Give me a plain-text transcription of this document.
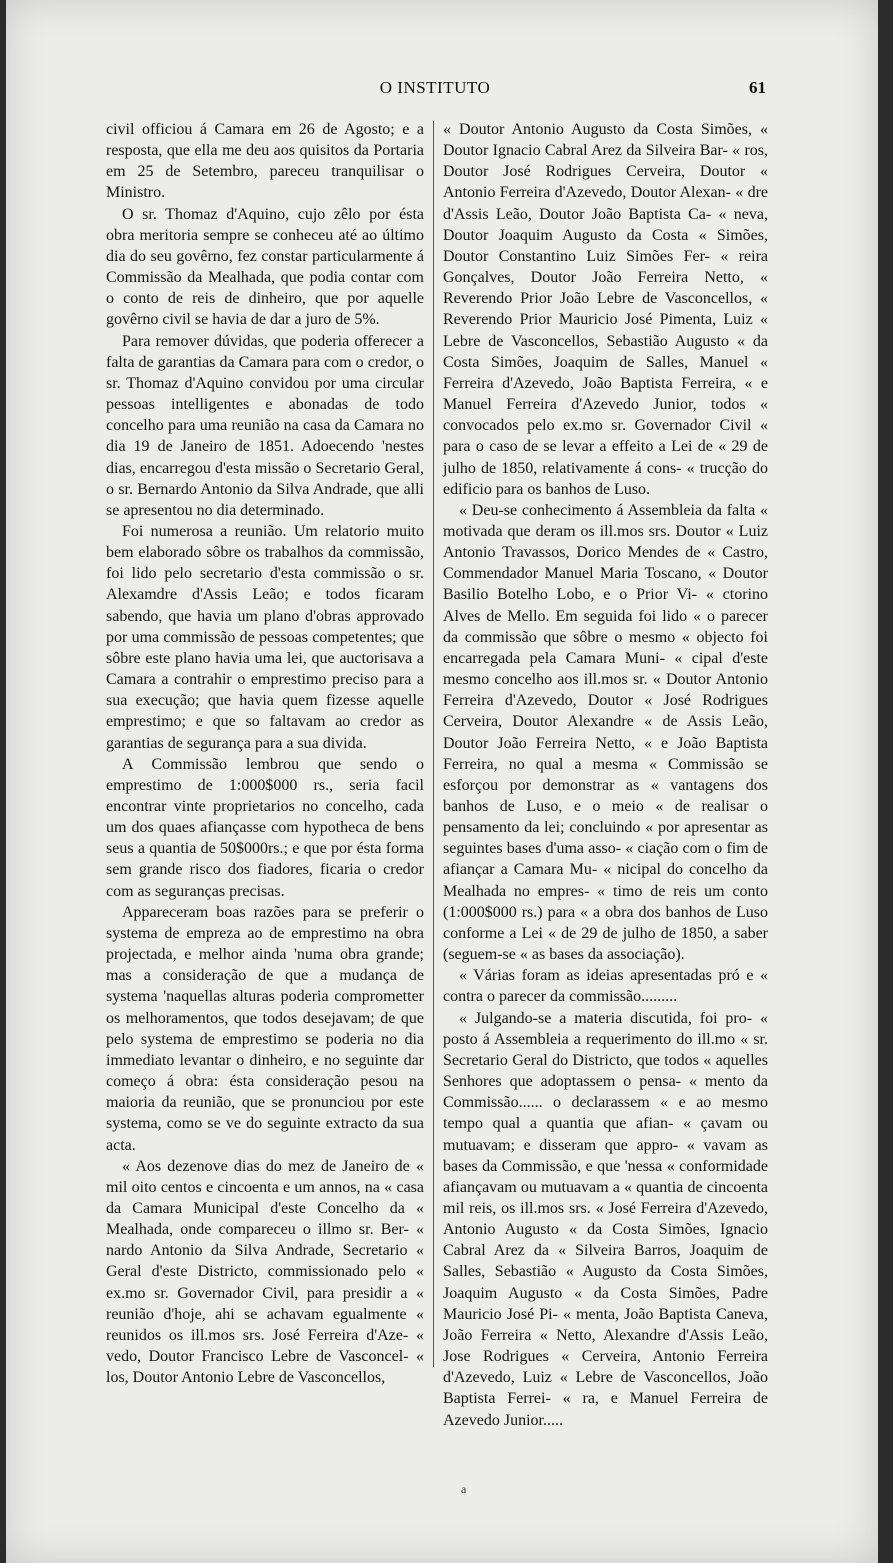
O INSTITUTO	61

civil officiou á Camara em 26 de Agosto; e a resposta, que ella me deu aos quisitos da Portaria em 25 de Setembro, pareceu tranquilisar o Ministro.

O sr. Thomaz d'Aquino, cujo zêlo por ésta obra meritoria sempre se conheceu até ao último dia do seu govêrno, fez constar particularmente á Commissão da Mealhada, que podia contar com o conto de reis de dinheiro, que por aquelle govêrno civil se havia de dar a juro de 5%.

Para remover dúvidas, que poderia offerecer a falta de garantias da Camara para com o credor, o sr. Thomaz d'Aquino convidou por uma circular pessoas intelligentes e abonadas de todo concelho para uma reunião na casa da Camara no dia 19 de Janeiro de 1851. Adoecendo 'nestes dias, encarregou d'esta missão o Secretario Geral, o sr. Bernardo Antonio da Silva Andrade, que alli se apresentou no dia determinado.

Foi numerosa a reunião. Um relatorio muito bem elaborado sôbre os trabalhos da commissão, foi lido pelo secretario d'esta commissão o sr. Alexamdre d'Assis Leão; e todos ficaram sabendo, que havia um plano d'obras approvado por uma commissão de pessoas competentes; que sôbre este plano havia uma lei, que auctorisava a Camara a contrahir o emprestimo preciso para a sua execução; que havia quem fizesse aquelle emprestimo; e que so faltavam ao credor as garantias de segurança para a sua divida.

A Commissão lembrou que sendo o emprestimo de 1:000$000 rs., seria facil encontrar vinte proprietarios no concelho, cada um dos quaes afiançasse com hypotheca de bens seus a quantia de 50$000rs.; e que por ésta forma sem grande risco dos fiadores, ficaria o credor com as seguranças precisas.

Appareceram boas razões para se preferir o systema de empreza ao de emprestimo na obra projectada, e melhor ainda 'numa obra grande; mas a consideração de que a mudança de systema 'naquellas alturas poderia comprometter os melhoramentos, que todos desejavam; de que pelo systema de emprestimo se poderia no dia immediato levantar o dinheiro, e no seguinte dar começo á obra: ésta consideração pesou na maioria da reunião, que se pronunciou por este systema, como se ve do seguinte extracto da sua acta.

« Aos dezenove dias do mez de Janeiro de « mil oito centos e cincoenta e um annos, na « casa da Camara Municipal d'este Concelho da « Mealhada, onde compareceu o illmo sr. Ber- « nardo Antonio da Silva Andrade, Secretario « Geral d'este Districto, commissionado pelo « ex.mo sr. Governador Civil, para presidir a « reunião d'hoje, ahi se achavam egualmente « reunidos os ill.mos srs. José Ferreira d'Aze- « vedo, Doutor Francisco Lebre de Vasconcel- « los, Doutor Antonio Lebre de Vasconcellos,

« Doutor Antonio Augusto da Costa Simões, « Doutor Ignacio Cabral Arez da Silveira Bar- « ros, Doutor José Rodrigues Cerveira, Doutor « Antonio Ferreira d'Azevedo, Doutor Alexan- « dre d'Assis Leão, Doutor João Baptista Ca- « neva, Doutor Joaquim Augusto da Costa « Simões, Doutor Constantino Luiz Simões Fer- « reira Gonçalves, Doutor João Ferreira Netto, « Reverendo Prior João Lebre de Vasconcellos, « Reverendo Prior Mauricio José Pimenta, Luiz « Lebre de Vasconcellos, Sebastião Augusto « da Costa Simões, Joaquim de Salles, Manuel « Ferreira d'Azevedo, João Baptista Ferreira, « e Manuel Ferreira d'Azevedo Junior, todos « convocados pelo ex.mo sr. Governador Civil « para o caso de se levar a effeito a Lei de « 29 de julho de 1850, relativamente á cons- « trucção do edificio para os banhos de Luso.

« Deu-se conhecimento á Assembleia da falta « motivada que deram os ill.mos srs. Doutor « Luiz Antonio Travassos, Dorico Mendes de « Castro, Commendador Manuel Maria Toscano, « Doutor Basilio Botelho Lobo, e o Prior Vi- « ctorino Alves de Mello. Em seguida foi lido « o parecer da commissão que sôbre o mesmo « objecto foi encarregada pela Camara Muni- « cipal d'este mesmo concelho aos ill.mos sr. « Doutor Antonio Ferreira d'Azevedo, Doutor « José Rodrigues Cerveira, Doutor Alexandre « de Assis Leão, Doutor João Ferreira Netto, « e João Baptista Ferreira, no qual a mesma « Commissão se esforçou por demonstrar as « vantagens dos banhos de Luso, e o meio « de realisar o pensamento da lei; concluindo « por apresentar as seguintes bases d'uma asso- « ciação com o fim de afiançar a Camara Mu- « nicipal do concelho da Mealhada no empres- « timo de reis um conto (1:000$000 rs.) para « a obra dos banhos de Luso conforme a Lei « de 29 de julho de 1850, a saber (seguem-se « as bases da associação).

« Várias foram as ideias apresentadas pró e « contra o parecer da commissão.........

« Julgando-se a materia discutida, foi pro- « posto á Assembleia a requerimento do ill.mo « sr. Secretario Geral do Districto, que todos « aquelles Senhores que adoptassem o pensa- « mento da Commissão...... o declarassem « e ao mesmo tempo qual a quantia que afian- « çavam ou mutuavam; e disseram que appro- « vavam as bases da Commissão, e que 'nessa « conformidade afiançavam ou mutuavam a « quantia de cincoenta mil reis, os ill.mos srs. « José Ferreira d'Azevedo, Antonio Augusto « da Costa Simões, Ignacio Cabral Arez da « Silveira Barros, Joaquim de Salles, Sebastião « Augusto da Costa Simões, Joaquim Augusto « da Costa Simões, Padre Mauricio José Pi- « menta, João Baptista Caneva, João Ferreira « Netto, Alexandre d'Assis Leão, Jose Rodrigues « Cerveira, Antonio Ferreira d'Azevedo, Luiz « Lebre de Vasconcellos, João Baptista Ferrei- « ra, e Manuel Ferreira de Azevedo Junior.....

a
